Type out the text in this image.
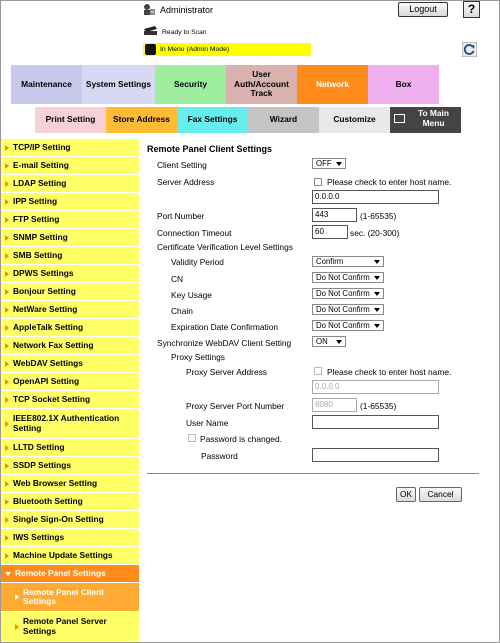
Administrator	Logout	?
Ready to Scan
In Menu (Admin Mode)
Maintenance	System Settings	Security
User Auth/Account Track
Network	Box
Print Setting	Store Address	Fax Settings	Wizard	Customize
To Main Menu
TCP/IP Setting
E-mail Setting
LDAP Setting
IPP Setting
FTP Setting
SNMP Setting
SMB Setting
DPWS Settings
Bonjour Setting
NetWare Setting
AppleTalk Setting
Network Fax Setting
WebDAV Settings
OpenAPI Setting
TCP Socket Setting
IEEE802.1X Authentication Setting
LLTD Setting
SSDP Settings
Web Browser Setting
Bluetooth Setting
Single Sign-On Setting
IWS Settings
Machine Update Settings
Remote Panel Settings
Remote Panel Client Settings
Remote Panel Server Settings
Remote Panel Client Settings
Client Setting	OFF
Server Address	Please check to enter host name.
0.0.0.0
Port Number	443	(1-65535)
Connection Timeout	60	sec. (20-300)
Certificate Verification Level Settings
Validity Period	Confirm
CN	Do Not Confirm
Key Usage	Do Not Confirm
Chain	Do Not Confirm
Expiration Date Confirmation	Do Not Confirm
Synchronize WebDAV Client Setting	ON
Proxy Settings
Proxy Server Address	Please check to enter host name.
0.0.0.0
Proxy Server Port Number	8080	(1-65535)
User Name
Password is changed.
Password
OK	Cancel
